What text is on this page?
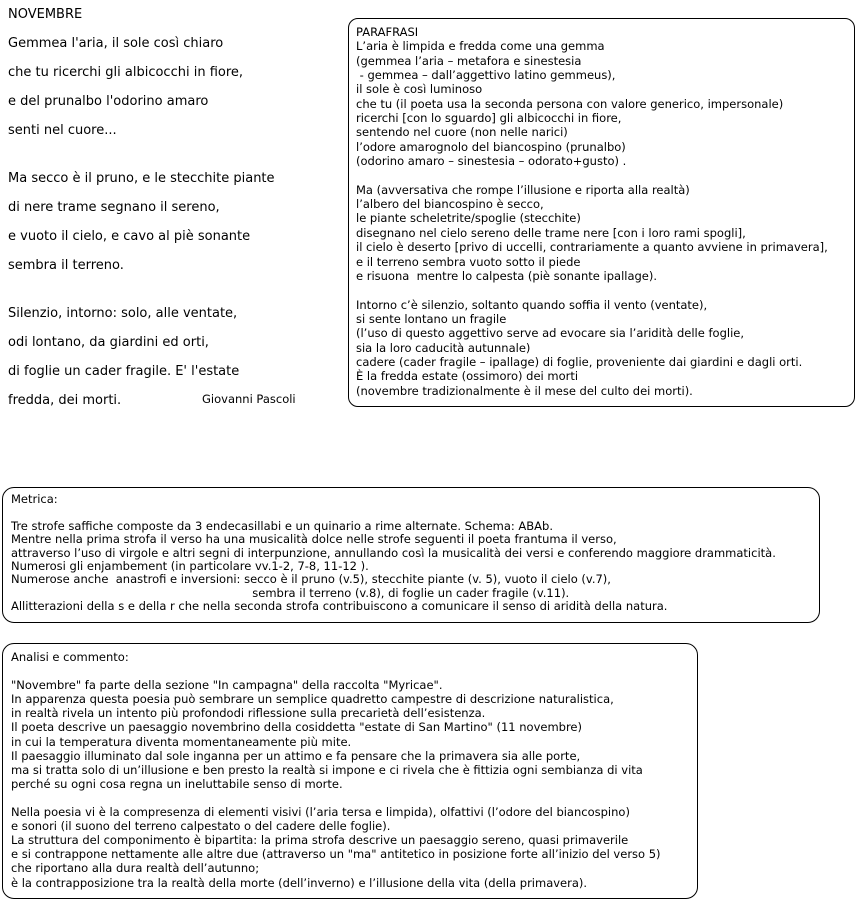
NOVEMBRE
Gemmea l'aria, il sole così chiaro
che tu ricerchi gli albicocchi in fiore,
e del prunalbo l'odorino amaro
senti nel cuore...

Ma secco è il pruno, e le stecchite piante
di nere trame segnano il sereno,
e vuoto il cielo, e cavo al piè sonante
sembra il terreno.

Silenzio, intorno: solo, alle ventate,
odi lontano, da giardini ed orti,
di foglie un cader fragile. E' l'estate
fredda, dei morti.	Giovanni Pascoli
PARAFRASI
L’aria è limpida e fredda come una gemma
(gemmea l’aria – metafora e sinestesia
- gemmea – dall’aggettivo latino gemmeus),
il sole è così luminoso
che tu (il poeta usa la seconda persona con valore generico, impersonale)
ricerchi [con lo sguardo] gli albicocchi in fiore,
sentendo nel cuore (non nelle narici)
l’odore amarognolo del biancospino (prunalbo)
(odorino amaro – sinestesia – odorato+gusto) .

Ma (avversativa che rompe l’illusione e riporta alla realtà)
l’albero del biancospino è secco,
le piante scheletrite/spoglie (stecchite)
disegnano nel cielo sereno delle trame nere [con i loro rami spogli],
il cielo è deserto [privo di uccelli, contrariamente a quanto avviene in primavera],
e il terreno sembra vuoto sotto il piede
e risuona  mentre lo calpesta (piè sonante ipallage).

Intorno c’è silenzio, soltanto quando soffia il vento (ventate),
si sente lontano un fragile
(l’uso di questo aggettivo serve ad evocare sia l’aridità delle foglie,
sia la loro caducità autunnale)
cadere (cader fragile – ipallage) di foglie, proveniente dai giardini e dagli orti.
È la fredda estate (ossimoro) dei morti
(novembre tradizionalmente è il mese del culto dei morti).
Metrica:

Tre strofe saffiche composte da 3 endecasillabi e un quinario a rime alternate. Schema: ABAb.
Mentre nella prima strofa il verso ha una musicalità dolce nelle strofe seguenti il poeta frantuma il verso,
attraverso l’uso di virgole e altri segni di interpunzione, annullando così la musicalità dei versi e conferendo maggiore drammaticità.
Numerosi gli enjambement (in particolare vv.1-2, 7-8, 11-12 ).
Numerose anche  anastrofi e inversioni: secco è il pruno (v.5), stecchite piante (v. 5), vuoto il cielo (v.7),
sembra il terreno (v.8), di foglie un cader fragile (v.11).
Allitterazioni della s e della r che nella seconda strofa contribuiscono a comunicare il senso di aridità della natura.
Analisi e commento:

"Novembre" fa parte della sezione "In campagna" della raccolta "Myricae".
In apparenza questa poesia può sembrare un semplice quadretto campestre di descrizione naturalistica,
in realtà rivela un intento più profondodi riflessione sulla precarietà dell’esistenza.
Il poeta descrive un paesaggio novembrino della cosiddetta "estate di San Martino" (11 novembre)
in cui la temperatura diventa momentaneamente più mite.
Il paesaggio illuminato dal sole inganna per un attimo e fa pensare che la primavera sia alle porte,
ma si tratta solo di un’illusione e ben presto la realtà si impone e ci rivela che è fittizia ogni sembianza di vita
perché su ogni cosa regna un ineluttabile senso di morte.

Nella poesia vi è la compresenza di elementi visivi (l’aria tersa e limpida), olfattivi (l’odore del biancospino)
e sonori (il suono del terreno calpestato o del cadere delle foglie).
La struttura del componimento è bipartita: la prima strofa descrive un paesaggio sereno, quasi primaverile
e si contrappone nettamente alle altre due (attraverso un "ma" antitetico in posizione forte all’inizio del verso 5)
che riportano alla dura realtà dell’autunno;
è la contrapposizione tra la realtà della morte (dell’inverno) e l’illusione della vita (della primavera).
